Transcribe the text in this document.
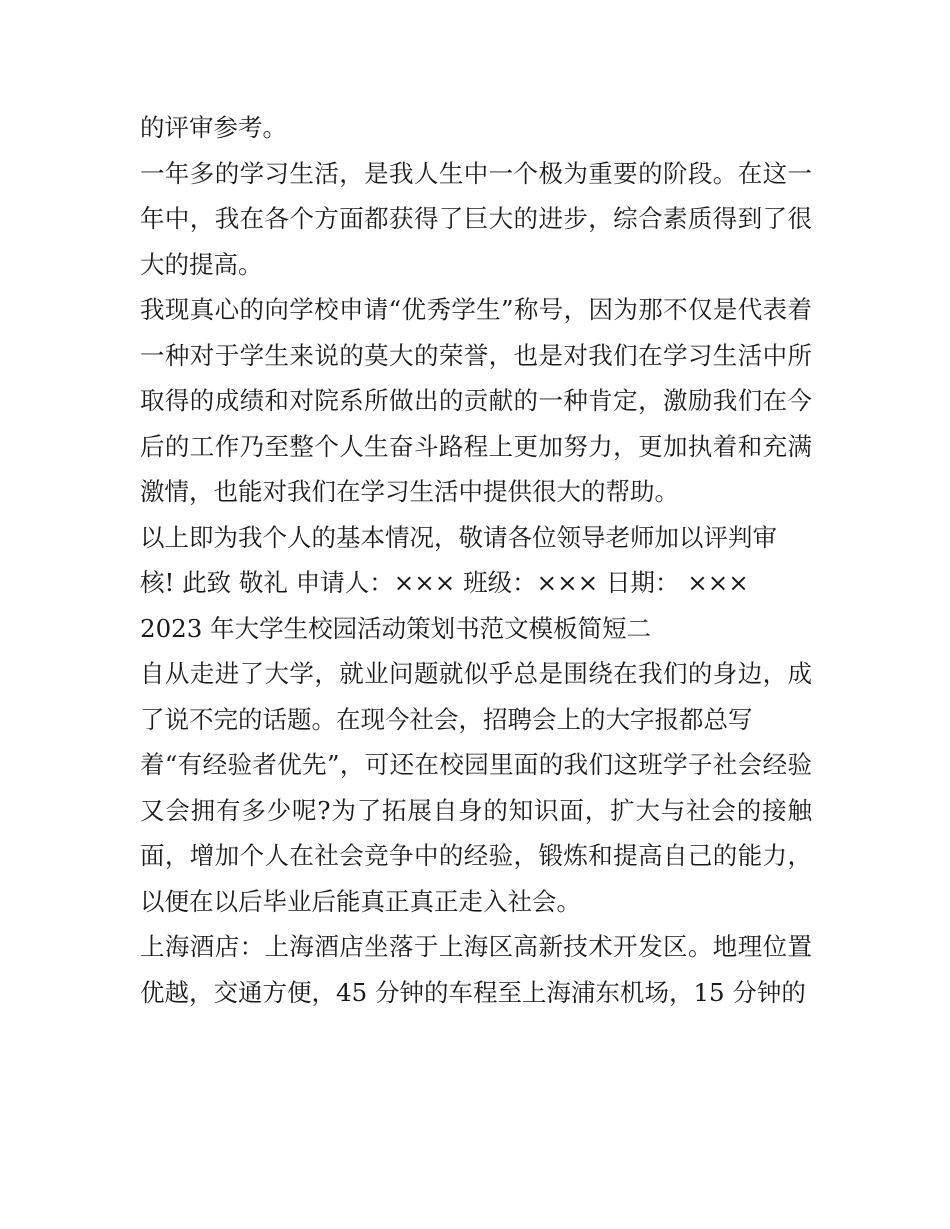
的评审参考。
一年多的学习生活，是我人生中一个极为重要的阶段。在这一
年中，我在各个方面都获得了巨大的进步，综合素质得到了很
大的提高。
我现真心的向学校申请“优秀学生”称号，因为那不仅是代表着
一种对于学生来说的莫大的荣誉，也是对我们在学习生活中所
取得的成绩和对院系所做出的贡献的一种肯定，激励我们在今
后的工作乃至整个人生奋斗路程上更加努力，更加执着和充满
激情，也能对我们在学习生活中提供很大的帮助。
以上即为我个人的基本情况，敬请各位领导老师加以评判审
核! 此致 敬礼 申请人：××× 班级：××× 日期： ×××
2023 年大学生校园活动策划书范文模板简短二
自从走进了大学，就业问题就似乎总是围绕在我们的身边，成
了说不完的话题。在现今社会，招聘会上的大字报都总写
着“有经验者优先”，可还在校园里面的我们这班学子社会经验
又会拥有多少呢?为了拓展自身的知识面，扩大与社会的接触
面，增加个人在社会竞争中的经验，锻炼和提高自己的能力，
以便在以后毕业后能真正真正走入社会。
上海酒店：上海酒店坐落于上海区高新技术开发区。地理位置
优越，交通方便，45 分钟的车程至上海浦东机场，15 分钟的
